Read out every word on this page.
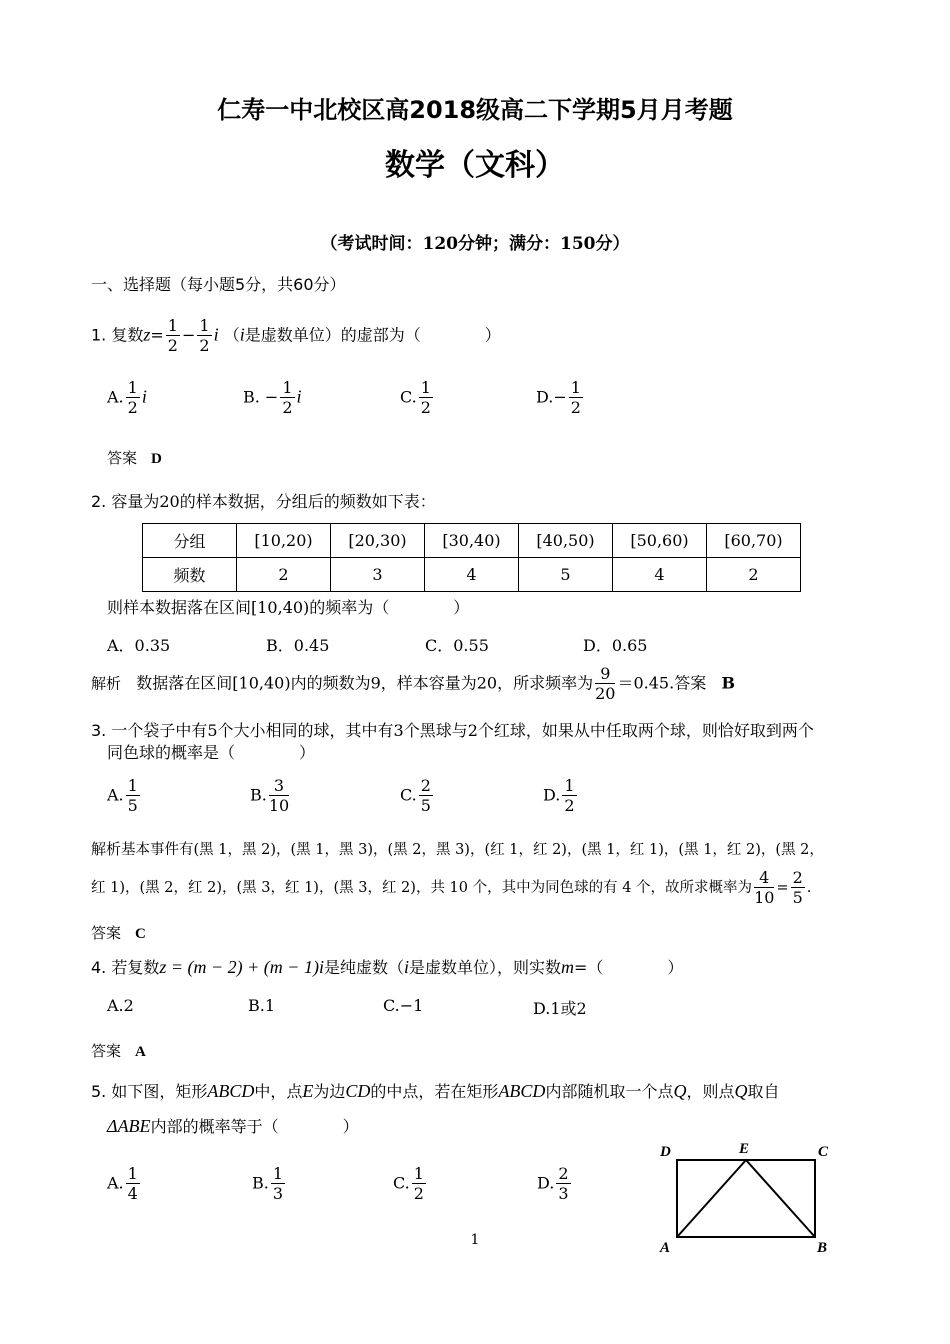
仁寿一中北校区高2018级高二下学期5月月考题
数学（文科）
（考试时间：120分钟；满分：150分）
一、选择题（每小题5分，共60分）
1. 复数$z= \frac{1}{2} - \frac{1}{2}$ i （i是虚数单位）的虚部为（　　　　）
A. $\frac{1}{2}$ i	B. − $\frac{1}{2}$ i	C. $\frac{1}{2}$	$D.- \frac{1}{2}$
答案 D
2. 容量为20的样本数据，分组后的频数如下表：
分组	[10,20)	[20,30)	[30,40)	[40,50)	[50,60)	[60,70)
频数	2	3	4	5	4	2
则样本数据落在区间[10,40)的频率为（　　　　）
A．0.35	B．0.45	C．0.55	D．0.65
解析 数据落在区间[10,40)内的频数为9，样本容量为20，所求频率为 $\frac{9}{20} =0.45$.答案 B
3. 一个袋子中有5个大小相同的球，其中有3个黑球与2个红球，如果从中任取两个球，则恰好取到两个
同色球的概率是（　　　　）
A. $\frac{1}{5}$	B. $\frac{3}{10}$	C. $\frac{2}{5}$	D. $\frac{1}{2}$
解析基本事件有(黑 1，黑 2)，(黑 1，黑 3)，(黑 2，黑 3)，(红 1，红 2)，(黑 1，红 1)，(黑 1，红 2)，(黑 2，
红 1)，(黑 2，红 2)，(黑 3，红 1)，(黑 3，红 2)，共 10 个，其中为同色球的有 4 个，故所求概率为 $\frac{4}{10} = \frac{2}{5}$ .
答案 C
4. 若复数z = (m − 2) + (m − 1)i是纯虚数（i是虚数单位），则实数m=（　　　　）
A.2	B.1	C.−1	D.1或2
答案 A
5. 如下图，矩形ABCD中，点E为边CD的中点，若在矩形ABCD内部随机取一个点Q，则点Q取自
ΔABE内部的概率等于（　　　　）
A. $\frac{1}{4}$	B. $\frac{1}{3}$	C. $\frac{1}{2}$	D. $\frac{2}{3}$
D	E	C
A	B
1
